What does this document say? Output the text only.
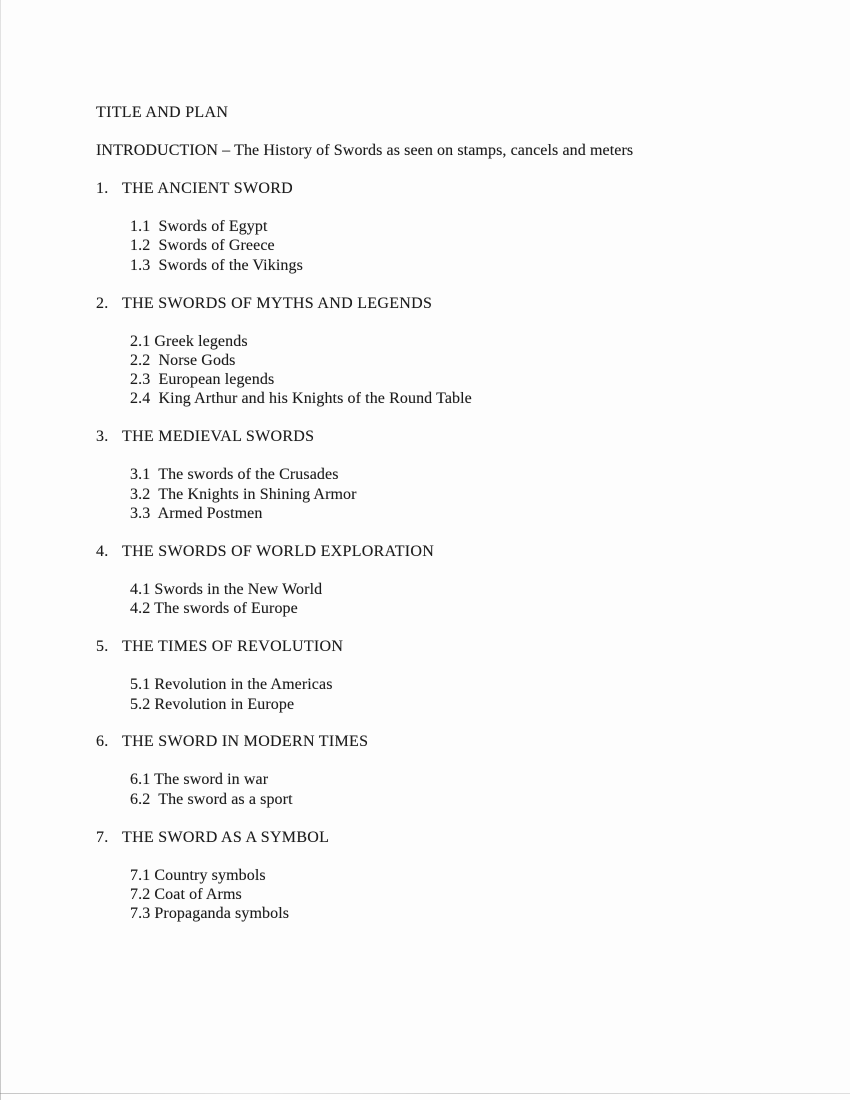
TITLE AND PLAN

INTRODUCTION – The History of Swords as seen on stamps, cancels and meters

1. THE ANCIENT SWORD

1.1  Swords of Egypt
1.2  Swords of Greece
1.3  Swords of the Vikings

2. THE SWORDS OF MYTHS AND LEGENDS

2.1 Greek legends
2.2  Norse Gods
2.3  European legends
2.4  King Arthur and his Knights of the Round Table

3. THE MEDIEVAL SWORDS

3.1  The swords of the Crusades
3.2  The Knights in Shining Armor
3.3  Armed Postmen

4. THE SWORDS OF WORLD EXPLORATION

4.1 Swords in the New World
4.2 The swords of Europe

5. THE TIMES OF REVOLUTION

5.1 Revolution in the Americas
5.2 Revolution in Europe

6. THE SWORD IN MODERN TIMES

6.1 The sword in war
6.2  The sword as a sport

7. THE SWORD AS A SYMBOL

7.1 Country symbols
7.2 Coat of Arms
7.3 Propaganda symbols
